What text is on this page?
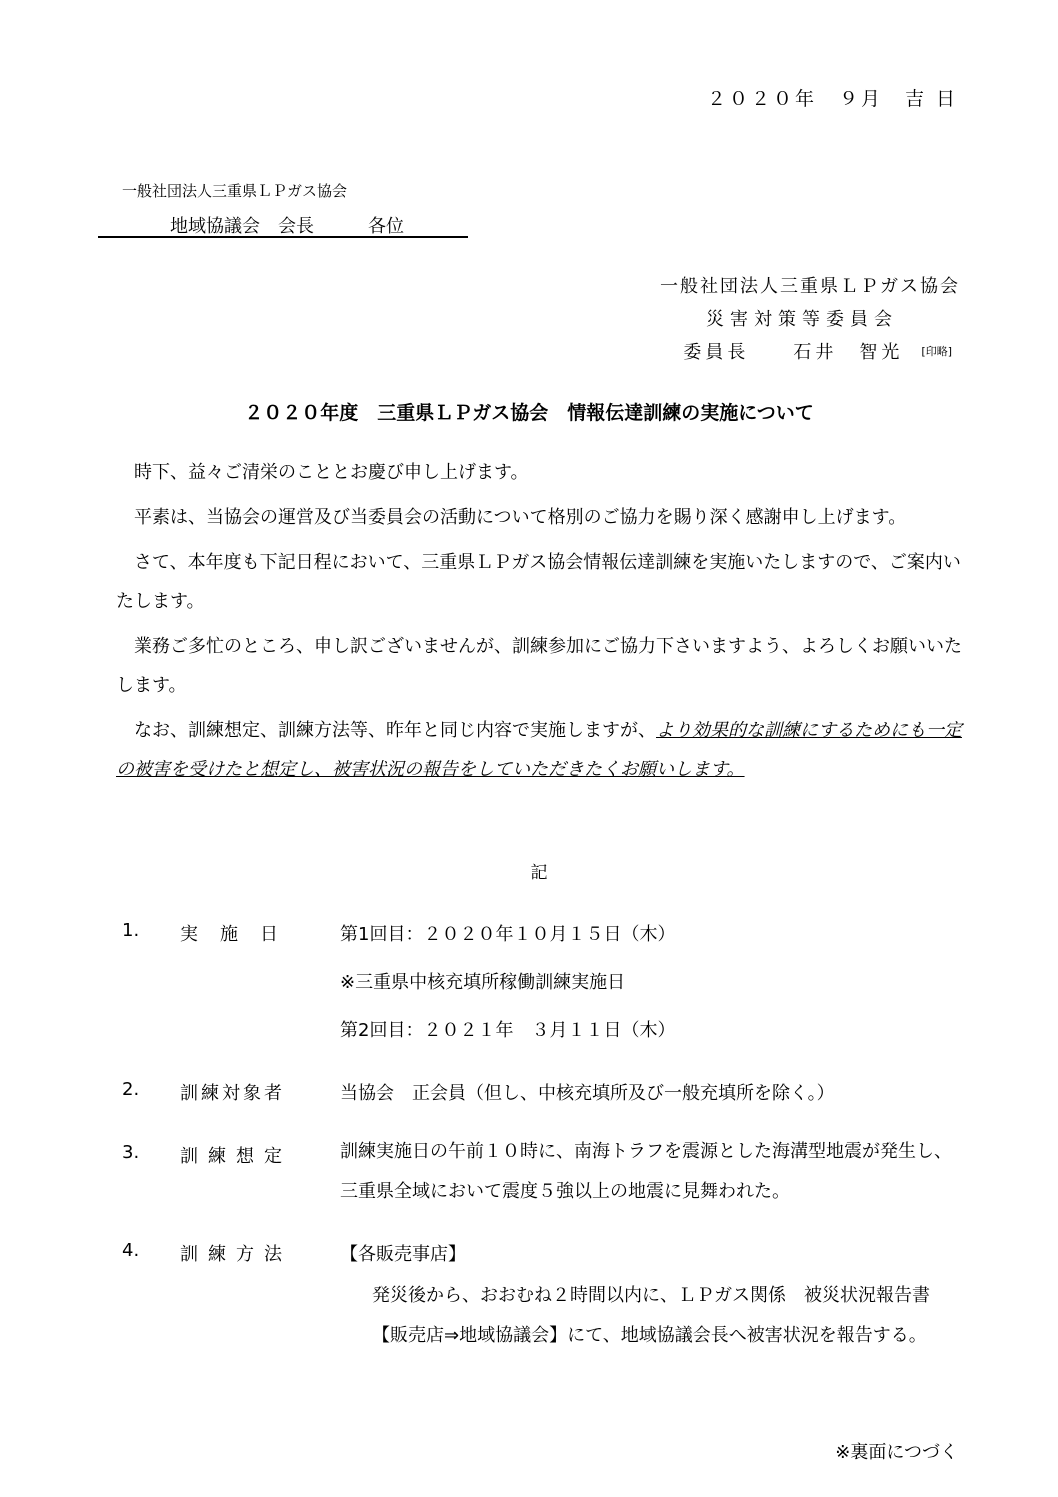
２０２０年　９月　吉 日
一般社団法人三重県ＬＰガス協会
地域協議会　会長　　　各位
一般社団法人三重県ＬＰガス協会
災害対策等委員会
委員長　　石井　智光 [印略]
２０２０年度　三重県ＬＰガス協会　情報伝達訓練の実施について

時下、益々ご清栄のこととお慶び申し上げます。

平素は、当協会の運営及び当委員会の活動について格別のご協力を賜り深く感謝申し上げます。

さて、本年度も下記日程において、三重県ＬＰガス協会情報伝達訓練を実施いたしますので、ご案内いたします。

業務ご多忙のところ、申し訳ございませんが、訓練参加にご協力下さいますよう、よろしくお願いいたします。

なお、訓練想定、訓練方法等、昨年と同じ内容で実施しますが、より効果的な訓練にするためにも一定の被害を受けたと想定し、被害状況の報告をしていただきたくお願いします。

記
1. 実施日 第1回目：２０２０年１０月１５日（木）
※三重県中核充填所稼働訓練実施日
第2回目：２０２１年　３月１１日（木）
2. 訓練対象者	当協会　正会員（但し、中核充填所及び一般充填所を除く。）
3. 訓練想定	訓練実施日の午前１０時に、南海トラフを震源とした海溝型地震が発生し、三重県全域において震度５強以上の地震に見舞われた。
4. 訓練方法	【各販売事店】
発災後から、おおむね２時間以内に、ＬＰガス関係　被災状況報告書【販売店⇒地域協議会】にて、地域協議会長へ被害状況を報告する。
※裏面につづく
